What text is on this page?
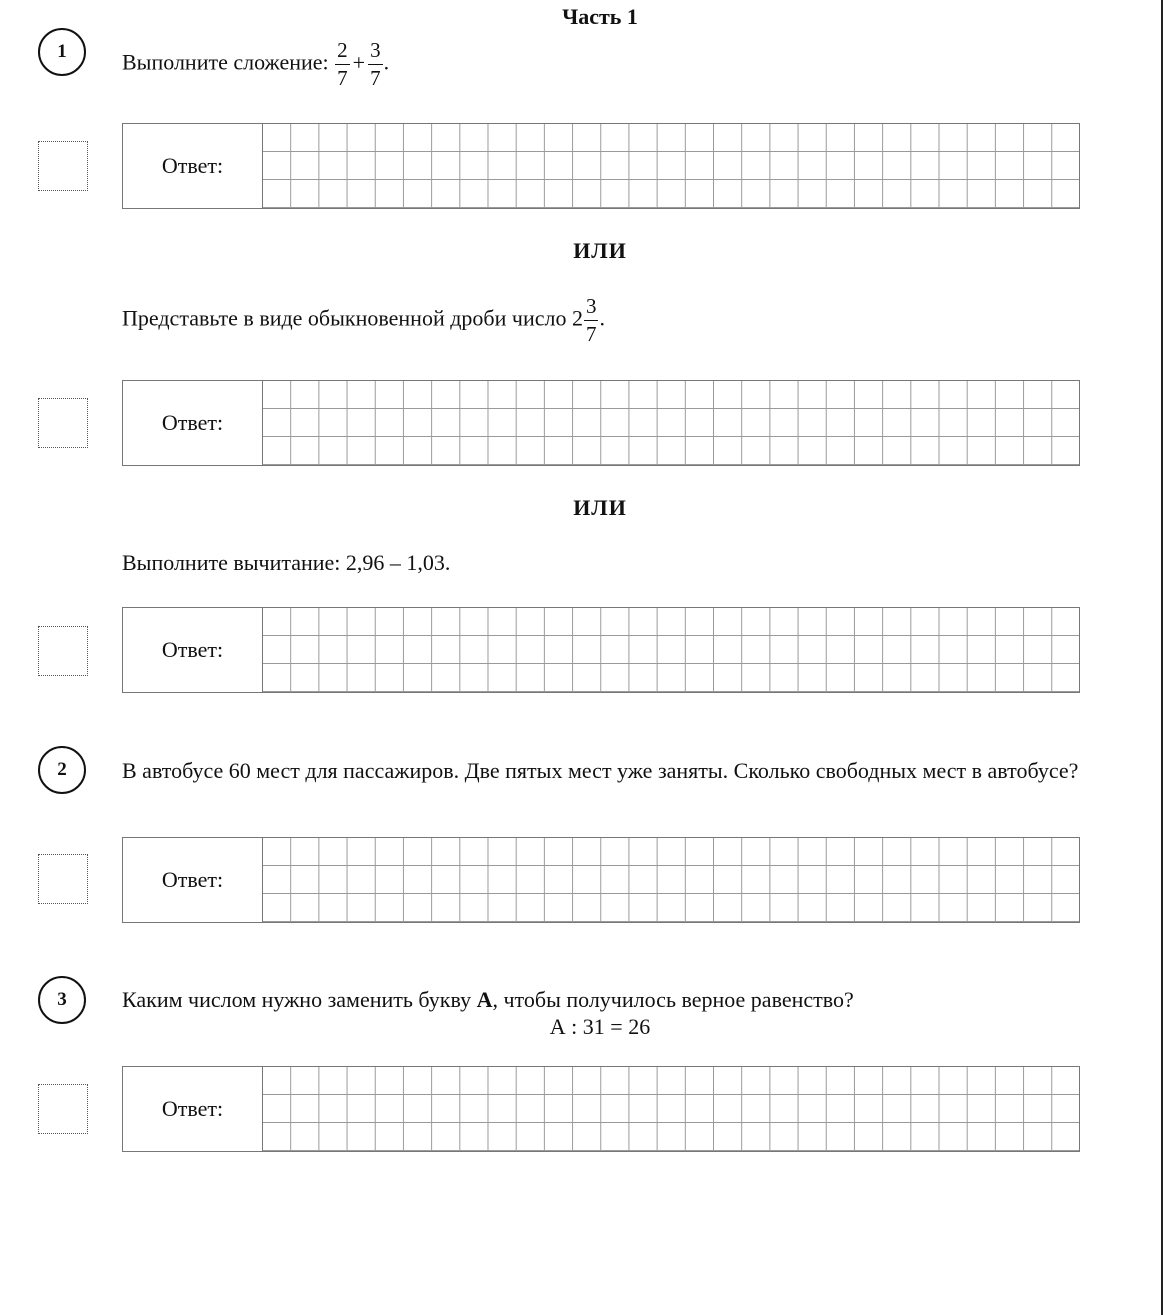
Часть 1
1	Выполните сложение: $\frac{2}{7} + \frac{3}{7}$ .
Ответ:
ИЛИ
Представьте в виде обыкновенной дроби число $2 \frac{3}{7}$ .
Ответ:
ИЛИ
Выполните вычитание: 2,96 – 1,03.
Ответ:
2	В автобусе 60 мест для пассажиров. Две пятых мест уже заняты. Сколько свободных мест в автобусе?
Ответ:
3	Каким числом нужно заменить букву А, чтобы получилось верное равенство?
А : 31 = 26
Ответ:
